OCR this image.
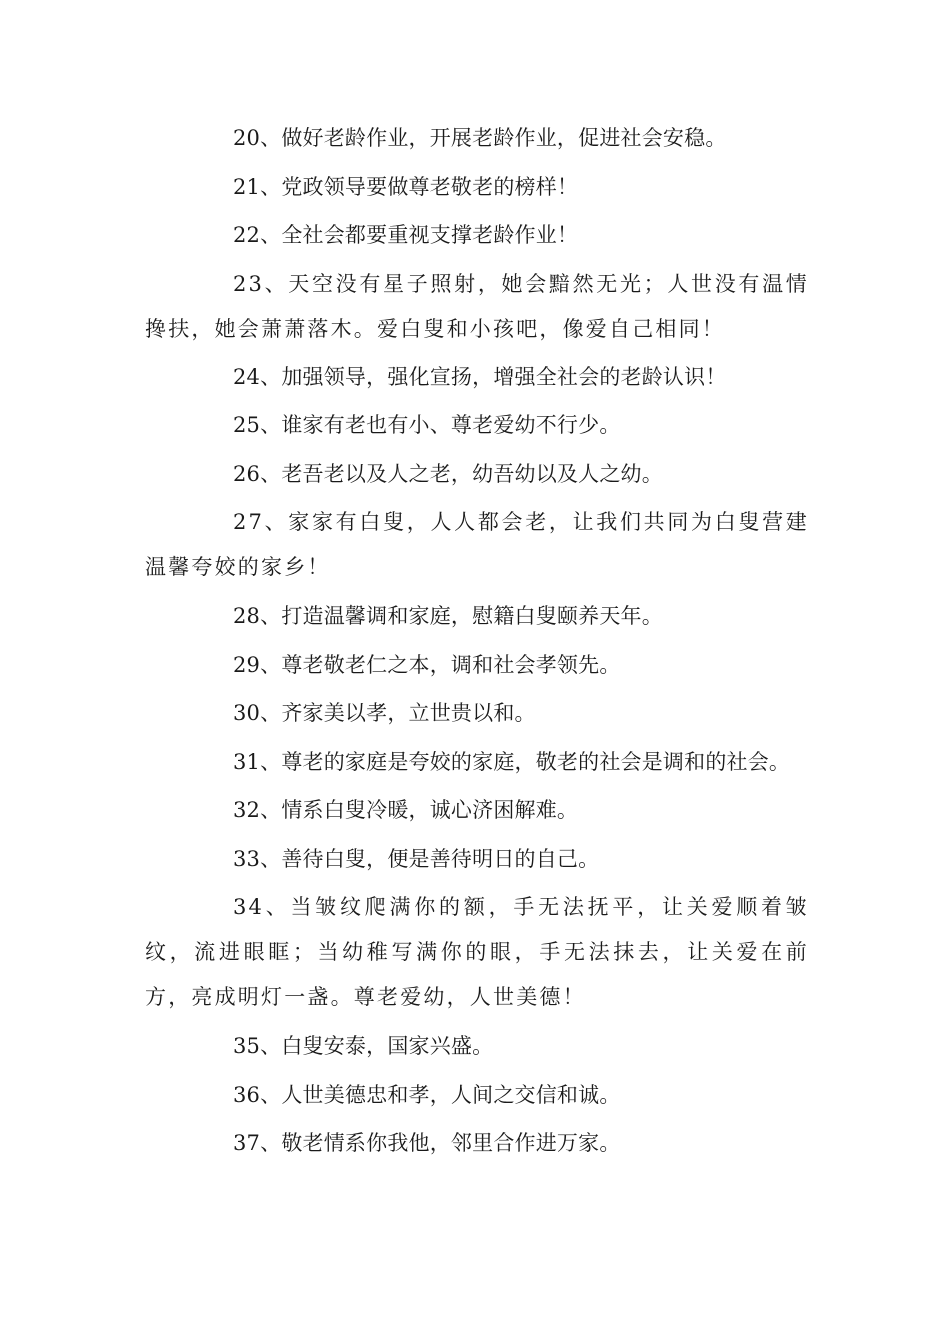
20、做好老龄作业，开展老龄作业，促进社会安稳。

21、党政领导要做尊老敬老的榜样！

22、全社会都要重视支撑老龄作业！

23、天空没有星子照射，她会黯然无光；人世没有温情搀扶，她会萧萧落木。爱白叟和小孩吧，像爱自己相同！

24、加强领导，强化宣扬，增强全社会的老龄认识！

25、谁家有老也有小、尊老爱幼不行少。

26、老吾老以及人之老，幼吾幼以及人之幼。

27、家家有白叟，人人都会老，让我们共同为白叟营建温馨夸姣的家乡！

28、打造温馨调和家庭，慰籍白叟颐养天年。

29、尊老敬老仁之本，调和社会孝领先。

30、齐家美以孝，立世贵以和。

31、尊老的家庭是夸姣的家庭，敬老的社会是调和的社会。

32、情系白叟冷暖，诚心济困解难。

33、善待白叟，便是善待明日的自己。

34、当皱纹爬满你的额，手无法抚平，让关爱顺着皱纹，流进眼眶；当幼稚写满你的眼，手无法抹去，让关爱在前方，亮成明灯一盏。尊老爱幼，人世美德！

35、白叟安泰，国家兴盛。

36、人世美德忠和孝，人间之交信和诚。

37、敬老情系你我他，邻里合作进万家。
